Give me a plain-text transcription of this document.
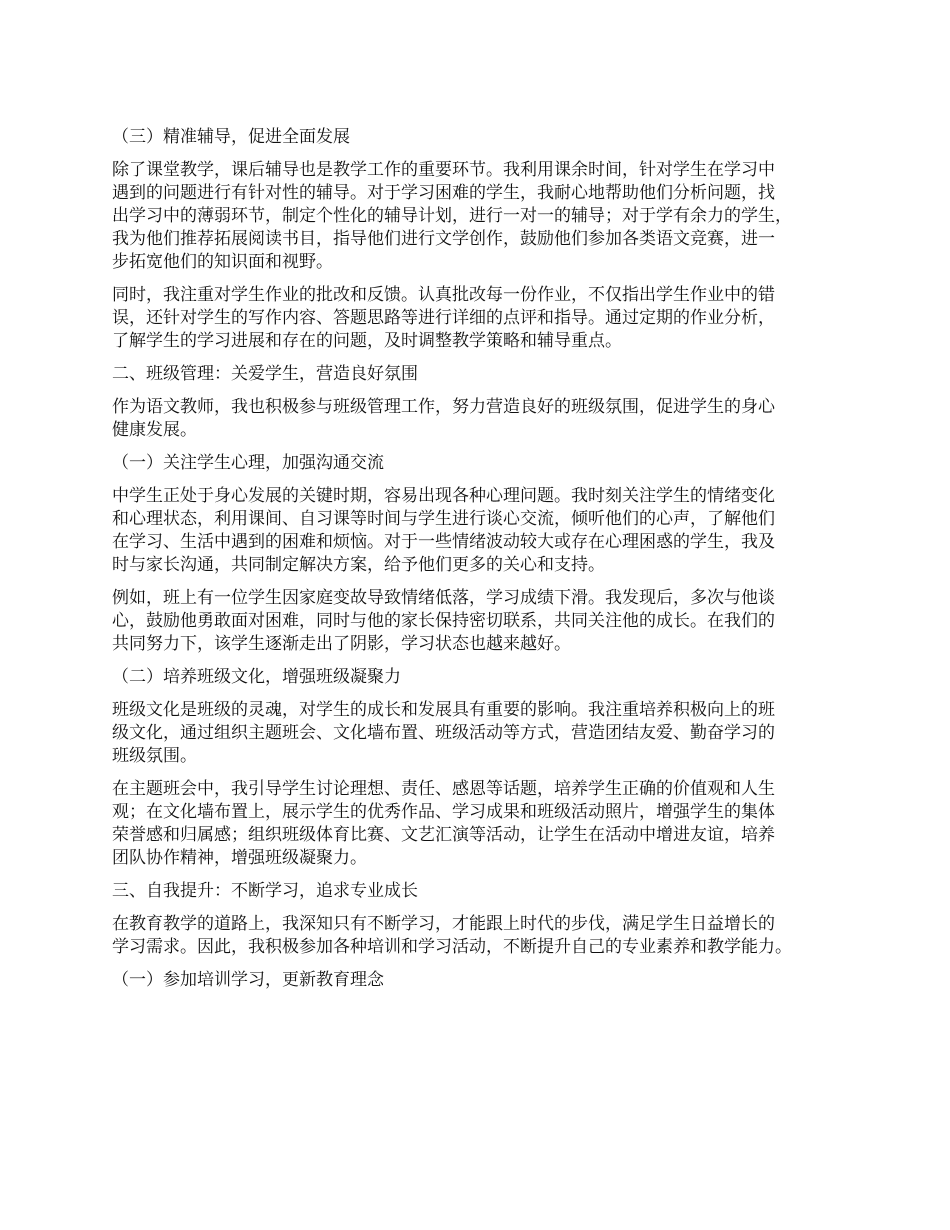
（三）精准辅导，促进全面发展
除了课堂教学，课后辅导也是教学工作的重要环节。我利用课余时间，针对学生在学习中
遇到的问题进行有针对性的辅导。对于学习困难的学生，我耐心地帮助他们分析问题，找
出学习中的薄弱环节，制定个性化的辅导计划，进行一对一的辅导；对于学有余力的学生，
我为他们推荐拓展阅读书目，指导他们进行文学创作，鼓励他们参加各类语文竞赛，进一
步拓宽他们的知识面和视野。
同时，我注重对学生作业的批改和反馈。认真批改每一份作业，不仅指出学生作业中的错
误，还针对学生的写作内容、答题思路等进行详细的点评和指导。通过定期的作业分析，
了解学生的学习进展和存在的问题，及时调整教学策略和辅导重点。
二、班级管理：关爱学生，营造良好氛围
作为语文教师，我也积极参与班级管理工作，努力营造良好的班级氛围，促进学生的身心
健康发展。
（一）关注学生心理，加强沟通交流
中学生正处于身心发展的关键时期，容易出现各种心理问题。我时刻关注学生的情绪变化
和心理状态，利用课间、自习课等时间与学生进行谈心交流，倾听他们的心声，了解他们
在学习、生活中遇到的困难和烦恼。对于一些情绪波动较大或存在心理困惑的学生，我及
时与家长沟通，共同制定解决方案，给予他们更多的关心和支持。
例如，班上有一位学生因家庭变故导致情绪低落，学习成绩下滑。我发现后，多次与他谈
心，鼓励他勇敢面对困难，同时与他的家长保持密切联系，共同关注他的成长。在我们的
共同努力下，该学生逐渐走出了阴影，学习状态也越来越好。
（二）培养班级文化，增强班级凝聚力
班级文化是班级的灵魂，对学生的成长和发展具有重要的影响。我注重培养积极向上的班
级文化，通过组织主题班会、文化墙布置、班级活动等方式，营造团结友爱、勤奋学习的
班级氛围。
在主题班会中，我引导学生讨论理想、责任、感恩等话题，培养学生正确的价值观和人生
观；在文化墙布置上，展示学生的优秀作品、学习成果和班级活动照片，增强学生的集体
荣誉感和归属感；组织班级体育比赛、文艺汇演等活动，让学生在活动中增进友谊，培养
团队协作精神，增强班级凝聚力。
三、自我提升：不断学习，追求专业成长
在教育教学的道路上，我深知只有不断学习，才能跟上时代的步伐，满足学生日益增长的
学习需求。因此，我积极参加各种培训和学习活动，不断提升自己的专业素养和教学能力。
（一）参加培训学习，更新教育理念
